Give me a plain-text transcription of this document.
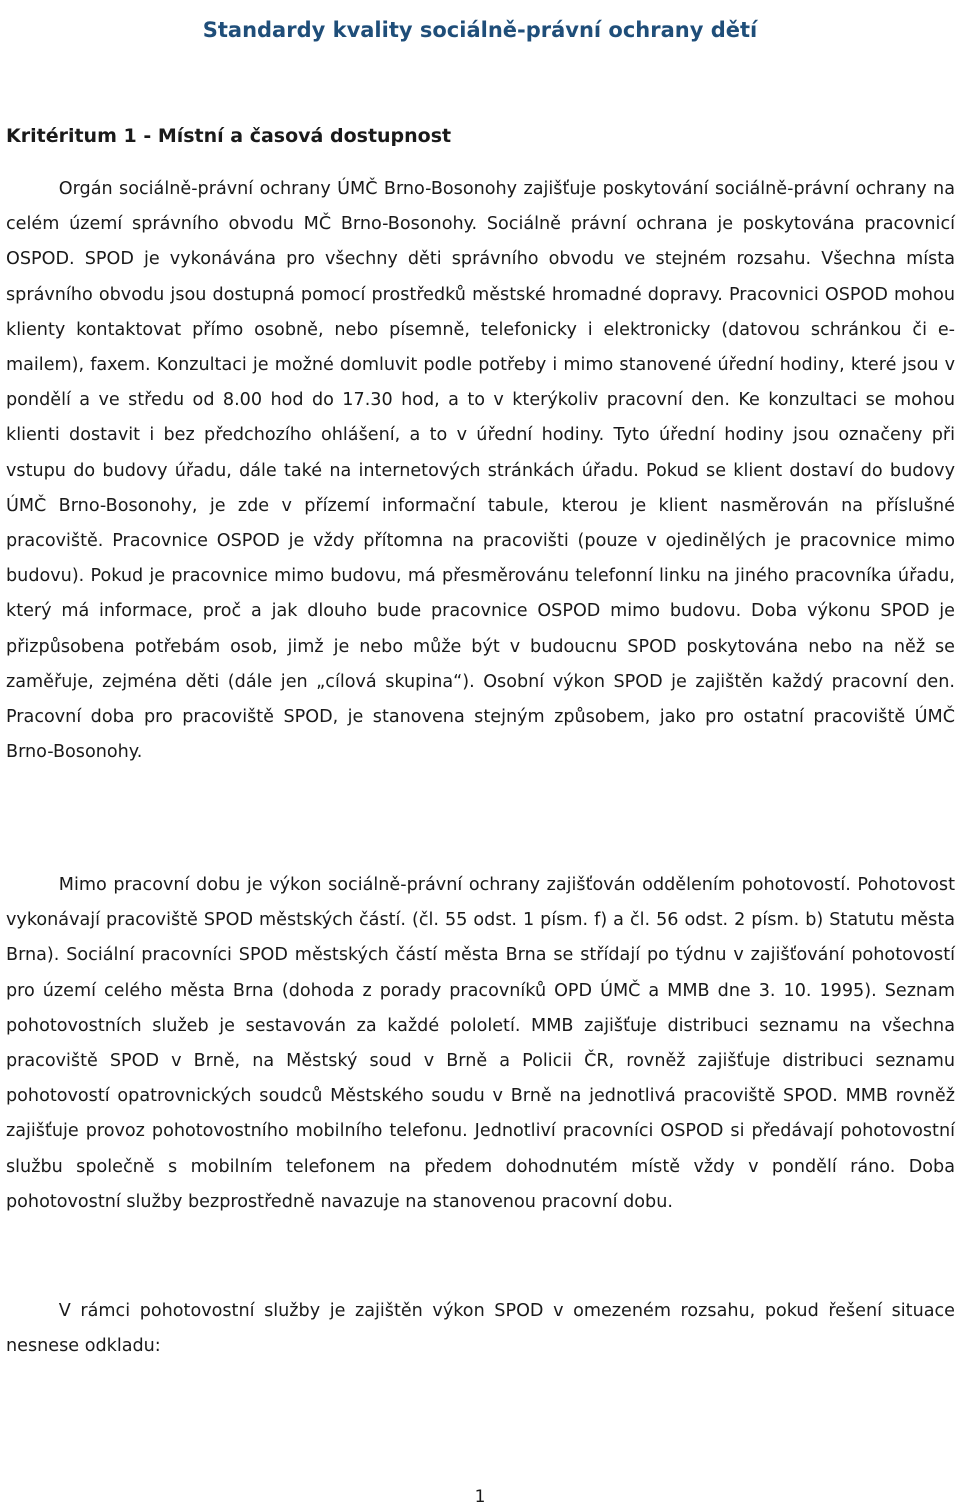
Standardy kvality sociálně-právní ochrany dětí
Kritéritum 1 - Místní a časová dostupnost

   Orgán sociálně-právní ochrany ÚMČ Brno-Bosonohy zajišťuje poskytování sociálně-právní ochrany na celém území správního obvodu MČ Brno-Bosonohy. Sociálně právní ochrana je poskytována pracovnicí OSPOD. SPOD je vykonávána pro všechny děti správního obvodu ve stejném rozsahu. Všechna místa správního obvodu jsou dostupná pomocí prostředků městské hromadné dopravy. Pracovnici OSPOD mohou klienty kontaktovat přímo osobně, nebo písemně, telefonicky i elektronicky (datovou schránkou či e-mailem), faxem. Konzultaci je možné domluvit podle potřeby i mimo stanovené úřední hodiny, které jsou v pondělí a ve středu od 8.00 hod do 17.30 hod, a to v kterýkoliv pracovní den. Ke konzultaci se mohou klienti dostavit i bez předchozího ohlášení, a to v úřední hodiny. Tyto úřední hodiny jsou označeny při vstupu do budovy úřadu, dále také na internetových stránkách úřadu. Pokud se klient dostaví do budovy ÚMČ Brno-Bosonohy, je zde v přízemí informační tabule, kterou je klient nasměrován na příslušné pracoviště. Pracovnice OSPOD je vždy přítomna na pracovišti (pouze v ojedinělých je pracovnice mimo budovu). Pokud je pracovnice mimo budovu, má přesměrovánu telefonní linku na jiného pracovníka úřadu, který má informace, proč a jak dlouho bude pracovnice OSPOD mimo budovu. Doba výkonu SPOD je přizpůsobena potřebám osob, jimž je nebo může být v budoucnu SPOD poskytována nebo na něž se zaměřuje, zejména děti (dále jen „cílová skupina“). Osobní výkon SPOD je zajištěn každý pracovní den. Pracovní doba pro pracoviště SPOD, je stanovena stejným způsobem, jako pro ostatní pracoviště ÚMČ Brno-Bosonohy.

   Mimo pracovní dobu je výkon sociálně-právní ochrany zajišťován oddělením pohotovostí. Pohotovost vykonávají pracoviště SPOD městských částí. (čl. 55 odst. 1 písm. f) a čl. 56 odst. 2 písm. b) Statutu města Brna). Sociální pracovníci SPOD městských částí města Brna se střídají po týdnu v zajišťování pohotovostí pro území celého města Brna (dohoda z porady pracovníků OPD ÚMČ a MMB dne 3. 10. 1995). Seznam pohotovostních služeb je sestavován za každé pololetí. MMB zajišťuje distribuci seznamu na všechna pracoviště SPOD v Brně, na Městský soud v Brně a Policii ČR, rovněž zajišťuje distribuci seznamu pohotovostí opatrovnických soudců Městského soudu v Brně na jednotlivá pracoviště SPOD. MMB rovněž zajišťuje provoz pohotovostního mobilního telefonu. Jednotliví pracovníci OSPOD si předávají pohotovostní službu společně s mobilním telefonem na předem dohodnutém místě vždy v pondělí ráno. Doba pohotovostní služby bezprostředně navazuje na stanovenou pracovní dobu.

   V rámci pohotovostní služby je zajištěn výkon SPOD v omezeném rozsahu, pokud řešení situace nesnese odkladu:

1
